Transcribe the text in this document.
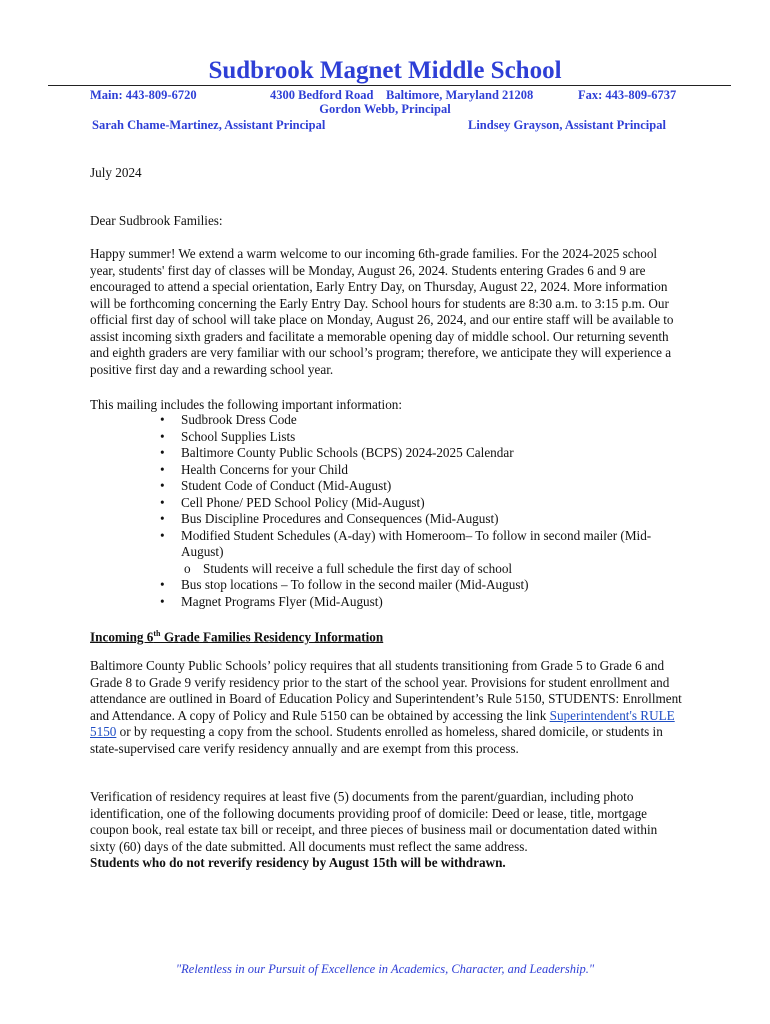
Sudbrook Magnet Middle School
Main: 443-809-6720	4300 Bedford Road    Baltimore, Maryland 21208	Fax: 443-809-6737
Gordon Webb, Principal
Sarah Chame-Martinez, Assistant Principal	Lindsey Grayson, Assistant Principal
July 2024
Dear Sudbrook Families:
Happy summer! We extend a warm welcome to our incoming 6th-grade families. For the 2024-2025 school year, students' first day of classes will be Monday, August 26, 2024. Students entering Grades 6 and 9 are encouraged to attend a special orientation, Early Entry Day, on Thursday, August 22, 2024. More information will be forthcoming concerning the Early Entry Day. School hours for students are 8:30 a.m. to 3:15 p.m. Our official first day of school will take place on Monday, August 26, 2024, and our entire staff will be available to assist incoming sixth graders and facilitate a memorable opening day of middle school. Our returning seventh and eighth graders are very familiar with our school’s program; therefore, we anticipate they will experience a positive first day and a rewarding school year.
This mailing includes the following important information:
• Sudbrook Dress Code
• School Supplies Lists
• Baltimore County Public Schools (BCPS) 2024-2025 Calendar
• Health Concerns for your Child
• Student Code of Conduct (Mid-August)
• Cell Phone/ PED School Policy (Mid-August)
• Bus Discipline Procedures and Consequences (Mid-August)
• Modified Student Schedules (A-day) with Homeroom– To follow in second mailer (Mid-August)
o Students will receive a full schedule the first day of school
• Bus stop locations – To follow in the second mailer (Mid-August)
• Magnet Programs Flyer (Mid-August)
Incoming 6th Grade Families Residency Information
Baltimore County Public Schools’ policy requires that all students transitioning from Grade 5 to Grade 6 and Grade 8 to Grade 9 verify residency prior to the start of the school year. Provisions for student enrollment and attendance are outlined in Board of Education Policy and Superintendent’s Rule 5150, STUDENTS: Enrollment and Attendance. A copy of Policy and Rule 5150 can be obtained by accessing the link Superintendent's RULE 5150 or by requesting a copy from the school. Students enrolled as homeless, shared domicile, or students in state-supervised care verify residency annually and are exempt from this process.
Verification of residency requires at least five (5) documents from the parent/guardian, including photo identification, one of the following documents providing proof of domicile: Deed or lease, title, mortgage coupon book, real estate tax bill or receipt, and three pieces of business mail or documentation dated within sixty (60) days of the date submitted. All documents must reflect the same address.
Students who do not reverify residency by August 15th will be withdrawn.
"Relentless in our Pursuit of Excellence in Academics, Character, and Leadership."
